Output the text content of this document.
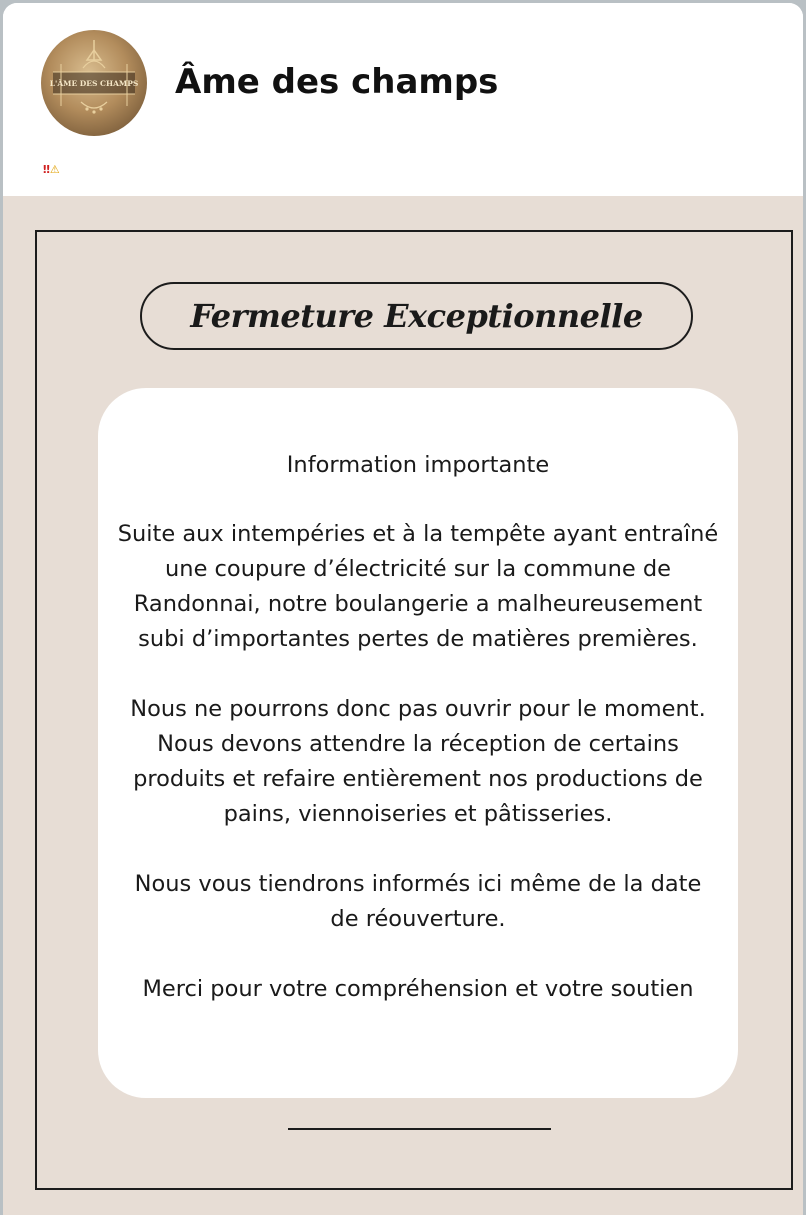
L'ÂME DES CHAMPS Âme des champs
‼⚠
Fermeture Exceptionnelle
Information importante
Suite aux intempéries et à la tempête ayant entraîné
une coupure d’électricité sur la commune de
Randonnai, notre boulangerie a malheureusement
subi d’importantes pertes de matières premières.
Nous ne pourrons donc pas ouvrir pour le moment.
Nous devons attendre la réception de certains
produits et refaire entièrement nos productions de
pains, viennoiseries et pâtisseries.
Nous vous tiendrons informés ici même de la date
de réouverture.
Merci pour votre compréhension et votre soutien
